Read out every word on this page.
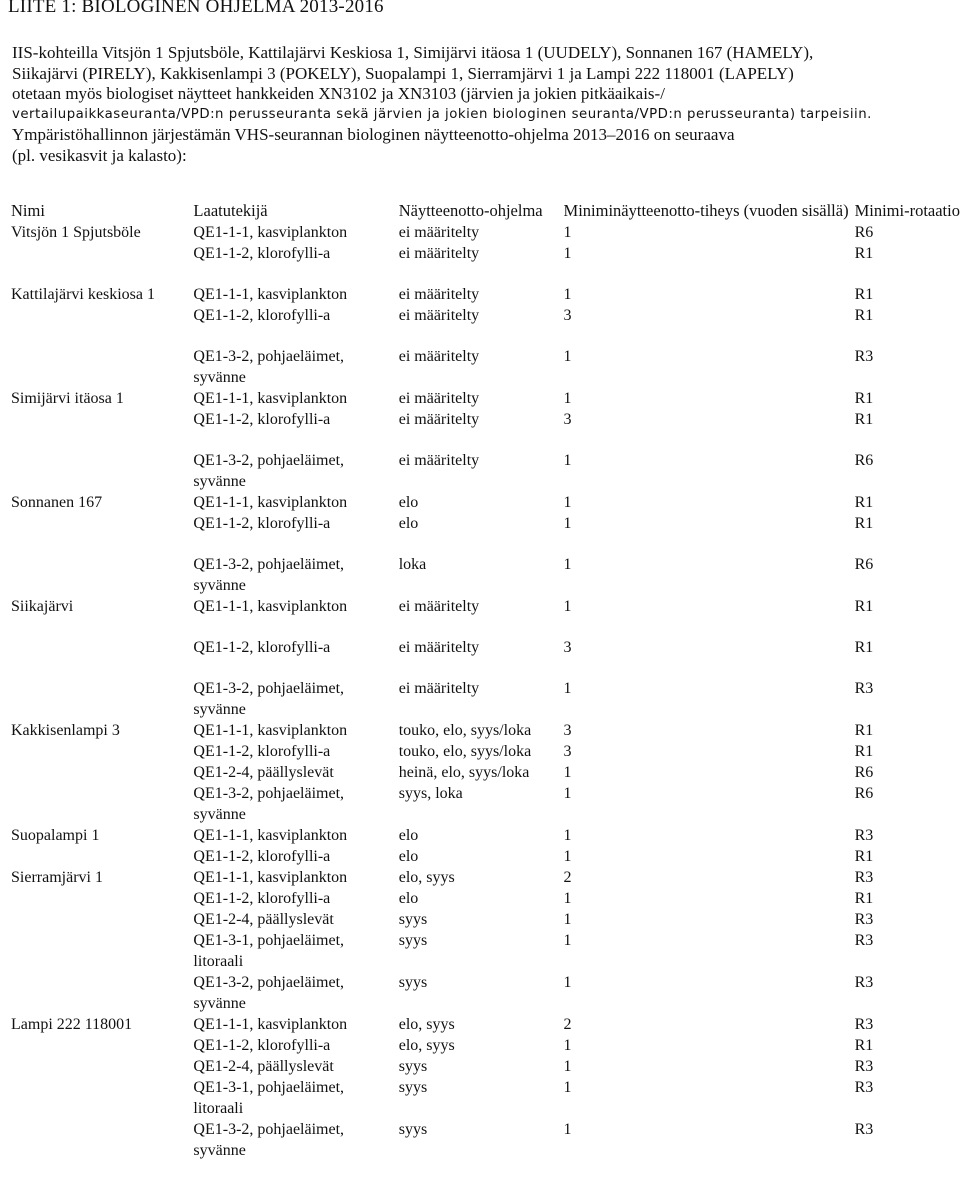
LIITE 1: BIOLOGINEN OHJELMA 2013-2016
IIS-kohteilla Vitsjön 1 Spjutsböle, Kattilajärvi Keskiosa 1, Simijärvi itäosa 1 (UUDELY), Sonnanen 167 (HAMELY),
Siikajärvi (PIRELY), Kakkisenlampi 3 (POKELY), Suopalampi 1, Sierramjärvi 1 ja Lampi 222 118001 (LAPELY)
otetaan myös biologiset näytteet hankkeiden XN3102 ja XN3103 (järvien ja jokien pitkäaikais-/
vertailupaikkaseuranta/VPD:n perusseuranta sekä järvien ja jokien biologinen seuranta/VPD:n perusseuranta) tarpeisiin.
Ympäristöhallinnon järjestämän VHS-seurannan biologinen näytteenotto-ohjelma 2013–2016 on seuraava
(pl. vesikasvit ja kalasto):
Nimi	Laatutekijä	Näytteenotto-ohjelma	Miniminäytteenotto-tiheys (vuoden sisällä)	Minimi-rotaatio
Vitsjön 1 Spjutsböle	QE1-1-1, kasviplankton	ei määritelty	1	R6
	QE1-1-2, klorofylli-a	ei määritelty	1	R1

Kattilajärvi keskiosa 1	QE1-1-1, kasviplankton	ei määritelty	1	R1
	QE1-1-2, klorofylli-a	ei määritelty	3	R1

	QE1-3-2, pohjaeläimet, syvänne	ei määritelty	1	R3
Simijärvi itäosa 1	QE1-1-1, kasviplankton	ei määritelty	1	R1
	QE1-1-2, klorofylli-a	ei määritelty	3	R1

	QE1-3-2, pohjaeläimet, syvänne	ei määritelty	1	R6
Sonnanen 167	QE1-1-1, kasviplankton	elo	1	R1
	QE1-1-2, klorofylli-a	elo	1	R1

	QE1-3-2, pohjaeläimet, syvänne	loka	1	R6
Siikajärvi	QE1-1-1, kasviplankton	ei määritelty	1	R1

	QE1-1-2, klorofylli-a	ei määritelty	3	R1

	QE1-3-2, pohjaeläimet, syvänne	ei määritelty	1	R3
Kakkisenlampi 3	QE1-1-1, kasviplankton	touko, elo, syys/loka	3	R1
	QE1-1-2, klorofylli-a	touko, elo, syys/loka	3	R1
	QE1-2-4, päällyslevät	heinä, elo, syys/loka	1	R6
	QE1-3-2, pohjaeläimet, syvänne	syys, loka	1	R6
Suopalampi 1	QE1-1-1, kasviplankton	elo	1	R3
	QE1-1-2, klorofylli-a	elo	1	R1
Sierramjärvi 1	QE1-1-1, kasviplankton	elo, syys	2	R3
	QE1-1-2, klorofylli-a	elo	1	R1
	QE1-2-4, päällyslevät	syys	1	R3
	QE1-3-1, pohjaeläimet, litoraali	syys	1	R3
	QE1-3-2, pohjaeläimet, syvänne	syys	1	R3
Lampi 222 118001	QE1-1-1, kasviplankton	elo, syys	2	R3
	QE1-1-2, klorofylli-a	elo, syys	1	R1
	QE1-2-4, päällyslevät	syys	1	R3
	QE1-3-1, pohjaeläimet, litoraali	syys	1	R3
	QE1-3-2, pohjaeläimet, syvänne	syys	1	R3
